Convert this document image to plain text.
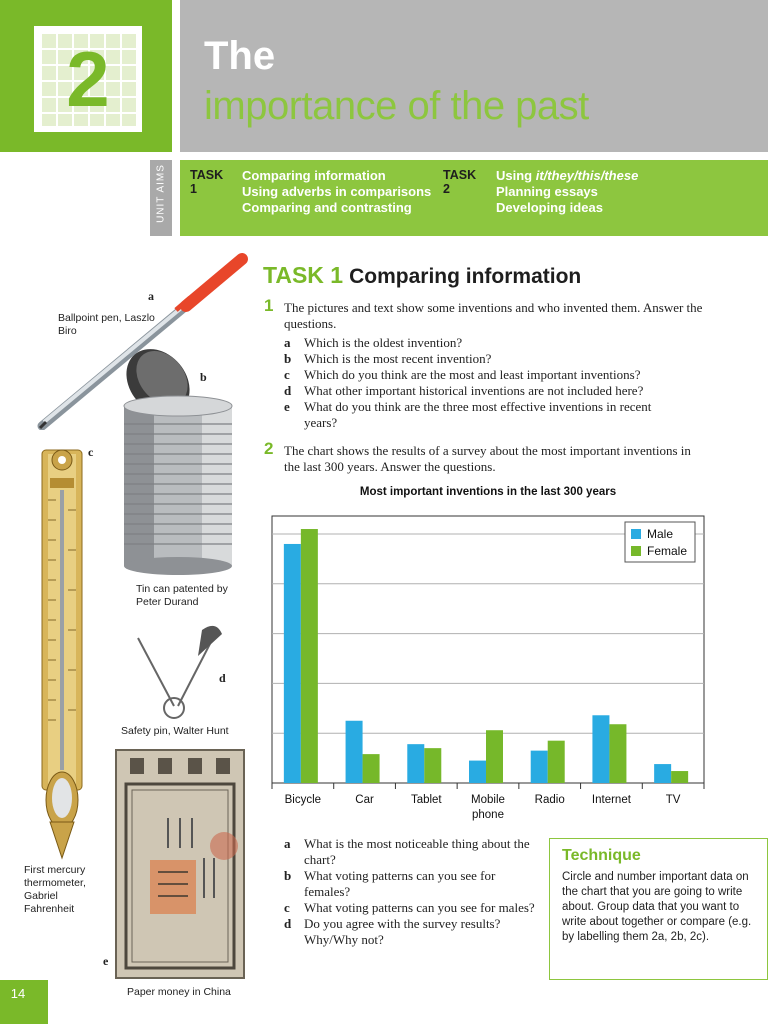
2	The
importance of the past
UNIT AIMS TASK 1
Comparing information
Using adverbs in comparisons
Comparing and contrasting
TASK 2
Using it/they/this/these
Planning essays
Developing ideas
TASK 1 Comparing information
1 The pictures and text show some inventions and who invented them. Answer the questions.
a Which is the oldest invention?
b Which is the most recent invention?
c Which do you think are the most and least important inventions?
d What other important historical inventions are not included here?
e What do you think are the three most effective inventions in recent years?
2 The chart shows the results of a survey about the most important inventions in the last 300 years. Answer the questions.
Most important inventions in the last 300 years
Bicycle	Car	Tablet	Mobile
phone
Radio Internet	TV
Male
Female
a What is the most noticeable thing about the chart?
b What voting patterns can you see for females?
c What voting patterns can you see for males?
d Do you agree with the survey results? Why/Why not?
Technique
Circle and number important data on the chart that you are going to write about. Group data that you want to write about together or compare (e.g. by labelling them 2a, 2b, 2c).
a
Ballpoint pen, Laszlo Biro
b
Tin can patented by Peter Durand
c
First mercury thermometer, Gabriel Fahrenheit
d
Safety pin, Walter Hunt
e
Paper money in China
14
